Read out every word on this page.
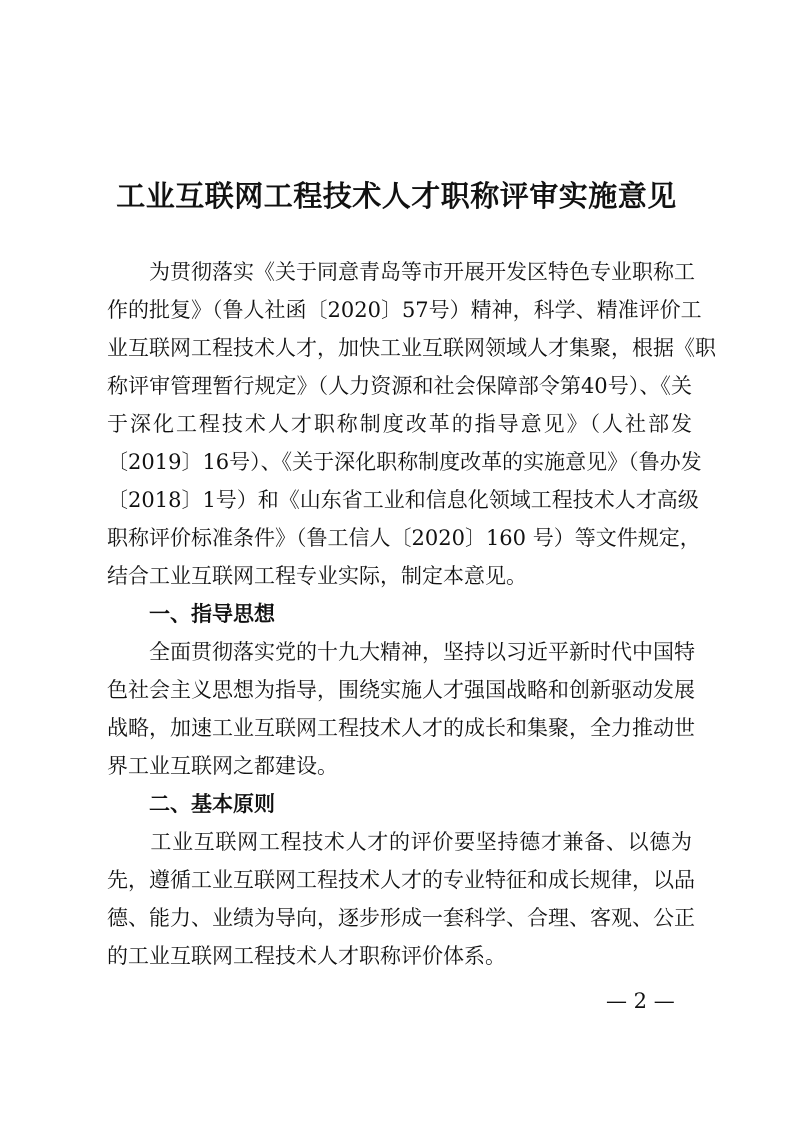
工业互联网工程技术人才职称评审实施意见
　　为贯彻落实《关于同意青岛等市开展开发区特色专业职称工
作的批复》（鲁人社函〔2020〕57号）精神，科学、精准评价工
业互联网工程技术人才，加快工业互联网领域人才集聚，根据《职
称评审管理暂行规定》（人力资源和社会保障部令第40号）、《关
于深化工程技术人才职称制度改革的指导意见》（人社部发
〔2019〕16号）、《关于深化职称制度改革的实施意见》（鲁办发
〔2018〕1号）和《山东省工业和信息化领域工程技术人才高级
职称评价标准条件》（鲁工信人〔2020〕160 号）等文件规定，
结合工业互联网工程专业实际，制定本意见。
一、指导思想
　　全面贯彻落实党的十九大精神，坚持以习近平新时代中国特
色社会主义思想为指导，围绕实施人才强国战略和创新驱动发展
战略，加速工业互联网工程技术人才的成长和集聚，全力推动世
界工业互联网之都建设。
二、基本原则
　　工业互联网工程技术人才的评价要坚持德才兼备、以德为
先，遵循工业互联网工程技术人才的专业特征和成长规律，以品
德、能力、业绩为导向，逐步形成一套科学、合理、客观、公正
的工业互联网工程技术人才职称评价体系。
— 2 —
